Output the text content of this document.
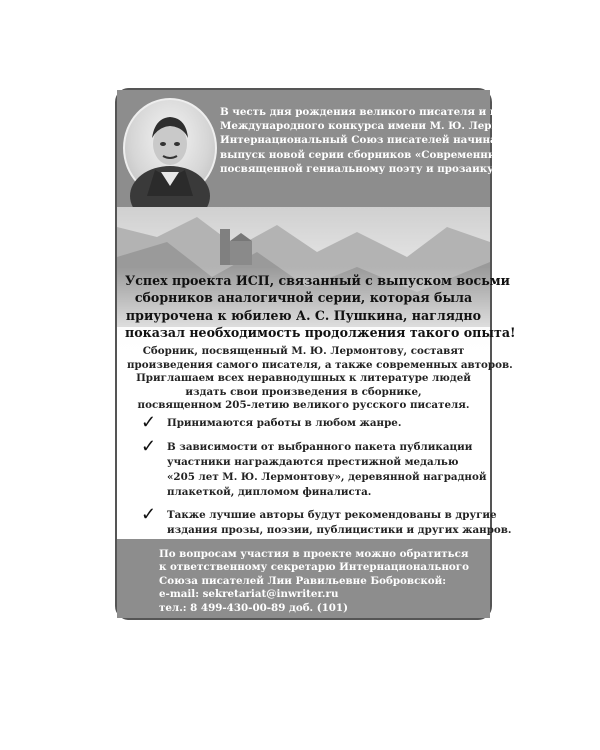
В честь дня рождения великого писателя и в рамках
Международного конкурса имени М. Ю. Лермонтова
Интернациональный Союз писателей начинает
выпуск новой серии сборников «Современникъ»,
посвященной гениальному поэту и прозаику
Успех проекта ИСП, связанный с выпуском восьми
сборников аналогичной серии, которая была
приурочена к юбилею А. С. Пушкина, наглядно
показал необходимость продолжения такого опыта!
Сборник, посвященный М. Ю. Лермонтову, составят
произведения самого писателя, а также современных авторов.
Приглашаем всех неравнодушных к литературе людей
издать свои произведения в сборнике,
посвященном 205-летию великого русского писателя.
✓ Принимаются работы в любом жанре.
✓ В зависимости от выбранного пакета публикации
участники награждаются престижной медалью
«205 лет М. Ю. Лермонтову», деревянной наградной
плакеткой, дипломом финалиста.
✓ Также лучшие авторы будут рекомендованы в другие
издания прозы, поэзии, публицистики и других жанров.
По вопросам участия в проекте можно обратиться
к ответственному секретарю Интернационального
Союза писателей Лии Равильевне Бобровской:
e-mail: sekretariat@inwriter.ru
тел.: 8 499-430-00-89 доб. (101)
